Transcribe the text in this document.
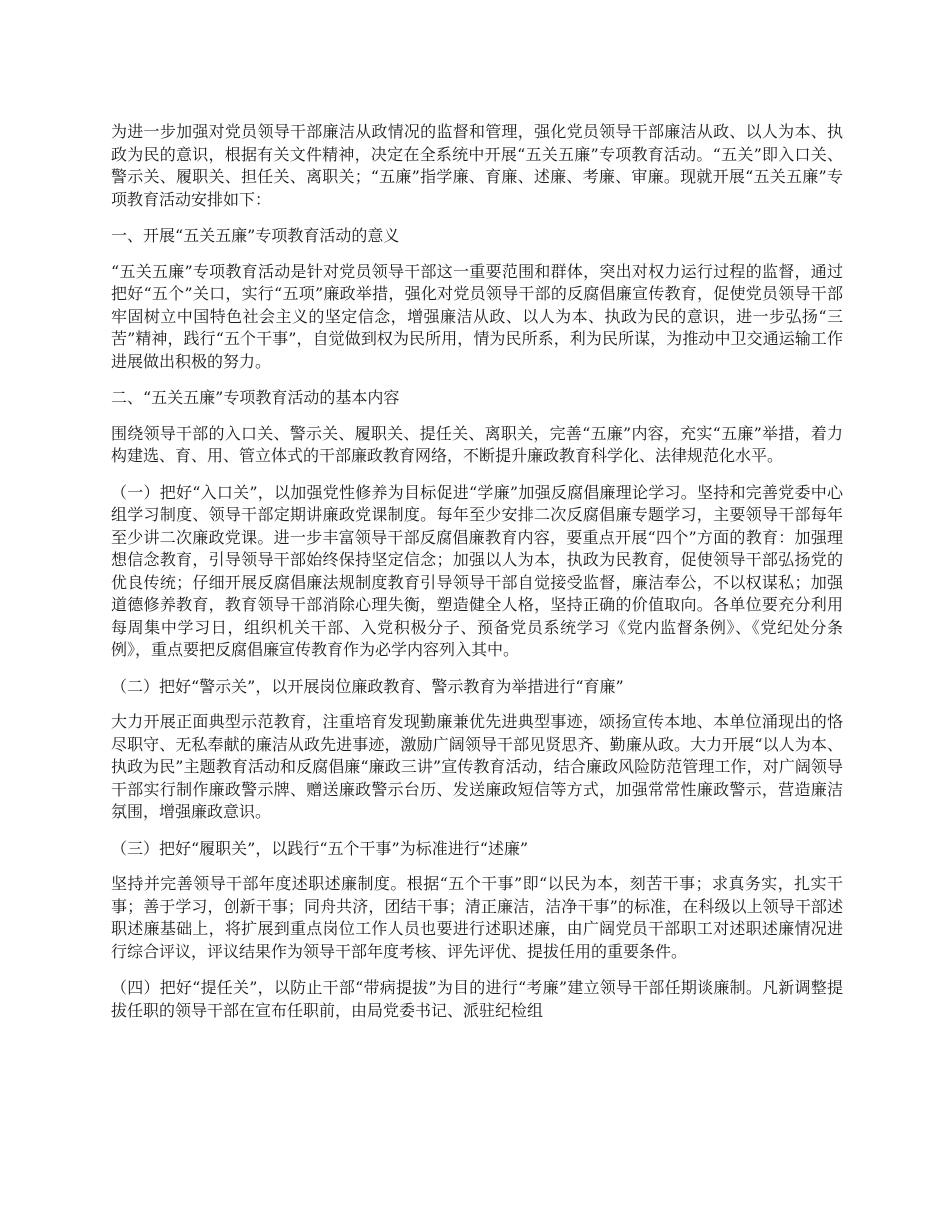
为进一步加强对党员领导干部廉洁从政情况的监督和管理，强化党员领导干部廉洁从政、以人为本、执政为民的意识，根据有关文件精神，决定在全系统中开展“五关五廉”专项教育活动。“五关”即入口关、警示关、履职关、担任关、离职关；“五廉”指学廉、育廉、述廉、考廉、审廉。现就开展“五关五廉”专项教育活动安排如下：

一、开展“五关五廉”专项教育活动的意义

“五关五廉”专项教育活动是针对党员领导干部这一重要范围和群体，突出对权力运行过程的监督，通过把好“五个”关口，实行“五项”廉政举措，强化对党员领导干部的反腐倡廉宣传教育，促使党员领导干部牢固树立中国特色社会主义的坚定信念，增强廉洁从政、以人为本、执政为民的意识，进一步弘扬“三苦”精神，践行“五个干事”，自觉做到权为民所用，情为民所系，利为民所谋，为推动中卫交通运输工作进展做出积极的努力。

二、“五关五廉”专项教育活动的基本内容

围绕领导干部的入口关、警示关、履职关、提任关、离职关，完善“五廉”内容，充实“五廉”举措，着力构建选、育、用、管立体式的干部廉政教育网络，不断提升廉政教育科学化、法律规范化水平。

（一）把好“入口关”，以加强党性修养为目标促进“学廉”加强反腐倡廉理论学习。坚持和完善党委中心组学习制度、领导干部定期讲廉政党课制度。每年至少安排二次反腐倡廉专题学习，主要领导干部每年至少讲二次廉政党课。进一步丰富领导干部反腐倡廉教育内容，要重点开展“四个”方面的教育：加强理想信念教育，引导领导干部始终保持坚定信念；加强以人为本，执政为民教育，促使领导干部弘扬党的优良传统；仔细开展反腐倡廉法规制度教育引导领导干部自觉接受监督，廉洁奉公，不以权谋私；加强道德修养教育，教育领导干部消除心理失衡，塑造健全人格，坚持正确的价值取向。各单位要充分利用每周集中学习日，组织机关干部、入党积极分子、预备党员系统学习《党内监督条例》、《党纪处分条例》，重点要把反腐倡廉宣传教育作为必学内容列入其中。

（二）把好“警示关”，以开展岗位廉政教育、警示教育为举措进行“育廉”

大力开展正面典型示范教育，注重培育发现勤廉兼优先进典型事迹，颂扬宣传本地、本单位涌现出的恪尽职守、无私奉献的廉洁从政先进事迹，激励广阔领导干部见贤思齐、勤廉从政。大力开展“以人为本、执政为民”主题教育活动和反腐倡廉“廉政三讲”宣传教育活动，结合廉政风险防范管理工作，对广阔领导干部实行制作廉政警示牌、赠送廉政警示台历、发送廉政短信等方式，加强常常性廉政警示，营造廉洁氛围，增强廉政意识。

（三）把好“履职关”，以践行“五个干事”为标准进行“述廉”

坚持并完善领导干部年度述职述廉制度。根据“五个干事”即“以民为本，刻苦干事；求真务实，扎实干事；善于学习，创新干事；同舟共济，团结干事；清正廉洁，洁净干事”的标准，在科级以上领导干部述职述廉基础上，将扩展到重点岗位工作人员也要进行述职述廉，由广阔党员干部职工对述职述廉情况进行综合评议，评议结果作为领导干部年度考核、评先评优、提拔任用的重要条件。

（四）把好“提任关”，以防止干部“带病提拔”为目的进行“考廉”建立领导干部任期谈廉制。凡新调整提拔任职的领导干部在宣布任职前，由局党委书记、派驻纪检组
